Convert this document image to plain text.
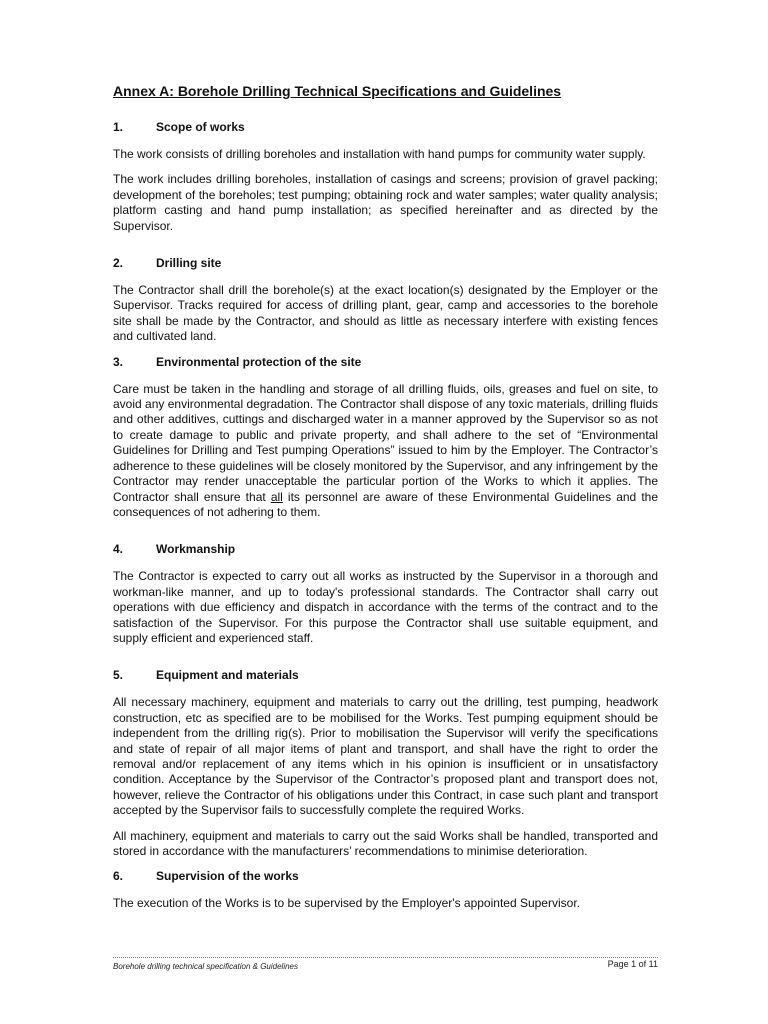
Annex A: Borehole Drilling Technical Specifications and Guidelines
1.	Scope of works

The work consists of drilling boreholes and installation with hand pumps for community water supply.

The work includes drilling boreholes, installation of casings and screens; provision of gravel packing; development of the boreholes; test pumping; obtaining rock and water samples; water quality analysis; platform casting and hand pump installation; as specified hereinafter and as directed by the Supervisor.

2.	Drilling site

The Contractor shall drill the borehole(s) at the exact location(s) designated by the Employer or the Supervisor. Tracks required for access of drilling plant, gear, camp and accessories to the borehole site shall be made by the Contractor, and should as little as necessary interfere with existing fences and cultivated land.

3.	Environmental protection of the site

Care must be taken in the handling and storage of all drilling fluids, oils, greases and fuel on site, to avoid any environmental degradation. The Contractor shall dispose of any toxic materials, drilling fluids and other additives, cuttings and discharged water in a manner approved by the Supervisor so as not to create damage to public and private property, and shall adhere to the set of “Environmental Guidelines for Drilling and Test pumping Operations” issued to him by the Employer. The Contractor’s adherence to these guidelines will be closely monitored by the Supervisor, and any infringement by the Contractor may render unacceptable the particular portion of the Works to which it applies. The Contractor shall ensure that all its personnel are aware of these Environmental Guidelines and the consequences of not adhering to them.

4.	Workmanship

The Contractor is expected to carry out all works as instructed by the Supervisor in a thorough and workman-like manner, and up to today's professional standards. The Contractor shall carry out operations with due efficiency and dispatch in accordance with the terms of the contract and to the satisfaction of the Supervisor. For this purpose the Contractor shall use suitable equipment, and supply efficient and experienced staff.

5.	Equipment and materials

All necessary machinery, equipment and materials to carry out the drilling, test pumping, headwork construction, etc as specified are to be mobilised for the Works. Test pumping equipment should be independent from the drilling rig(s). Prior to mobilisation the Supervisor will verify the specifications and state of repair of all major items of plant and transport, and shall have the right to order the removal and/or replacement of any items which in his opinion is insufficient or in unsatisfactory condition. Acceptance by the Supervisor of the Contractor’s proposed plant and transport does not, however, relieve the Contractor of his obligations under this Contract, in case such plant and transport accepted by the Supervisor fails to successfully complete the required Works.

All machinery, equipment and materials to carry out the said Works shall be handled, transported and stored in accordance with the manufacturers’ recommendations to minimise deterioration.

6.	Supervision of the works

The execution of the Works is to be supervised by the Employer's appointed Supervisor.

Borehole drilling technical specification & Guidelines	Page 1 of 11
